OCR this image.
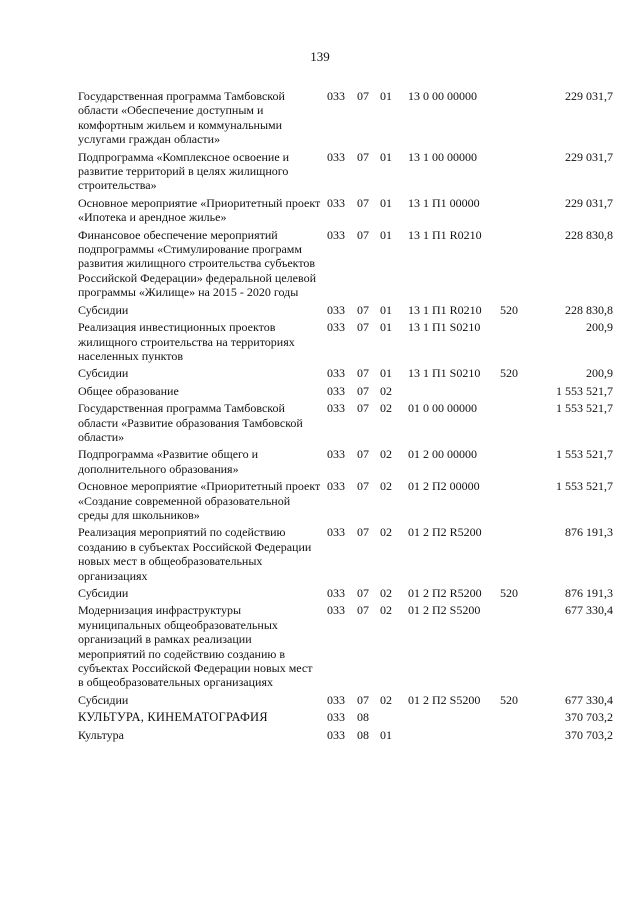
139
Государственная программа Тамбовской области «Обеспечение доступным и комфортным жильем и коммунальными услугами граждан области»	033	07	01	13 0 00 00000		229 031,7
Подпрограмма «Комплексное освоение и развитие территорий в целях жилищного строительства»	033	07	01	13 1 00 00000		229 031,7
Основное мероприятие «Приоритетный проект «Ипотека и арендное жилье»	033	07	01	13 1 П1 00000		229 031,7
Финансовое обеспечение мероприятий подпрограммы «Стимулирование программ развития жилищного строительства субъектов Российской Федерации» федеральной целевой программы «Жилище» на 2015 - 2020 годы	033	07	01	13 1 П1 R0210		228 830,8
Субсидии	033	07	01	13 1 П1 R0210	520	228 830,8
Реализация инвестиционных проектов жилищного строительства на территориях населенных пунктов	033	07	01	13 1 П1 S0210		200,9
Субсидии	033	07	01	13 1 П1 S0210	520	200,9
Общее образование	033	07	02			1 553 521,7
Государственная программа Тамбовской области «Развитие образования Тамбовской области»	033	07	02	01 0 00 00000		1 553 521,7
Подпрограмма «Развитие общего и дополнительного образования»	033	07	02	01 2 00 00000		1 553 521,7
Основное мероприятие «Приоритетный проект «Создание современной образовательной среды для школьников»	033	07	02	01 2 П2 00000		1 553 521,7
Реализация мероприятий по содействию созданию в субъектах Российской Федерации новых мест в общеобразовательных организациях	033	07	02	01 2 П2 R5200		876 191,3
Субсидии	033	07	02	01 2 П2 R5200	520	876 191,3
Модернизация инфраструктуры муниципальных общеобразовательных организаций в рамках реализации мероприятий по содействию созданию в субъектах Российской Федерации новых мест в общеобразовательных организациях	033	07	02	01 2 П2 S5200		677 330,4
Субсидии	033	07	02	01 2 П2 S5200	520	677 330,4
КУЛЬТУРА, КИНЕМАТОГРАФИЯ	033	08				370 703,2
Культура	033	08	01			370 703,2
